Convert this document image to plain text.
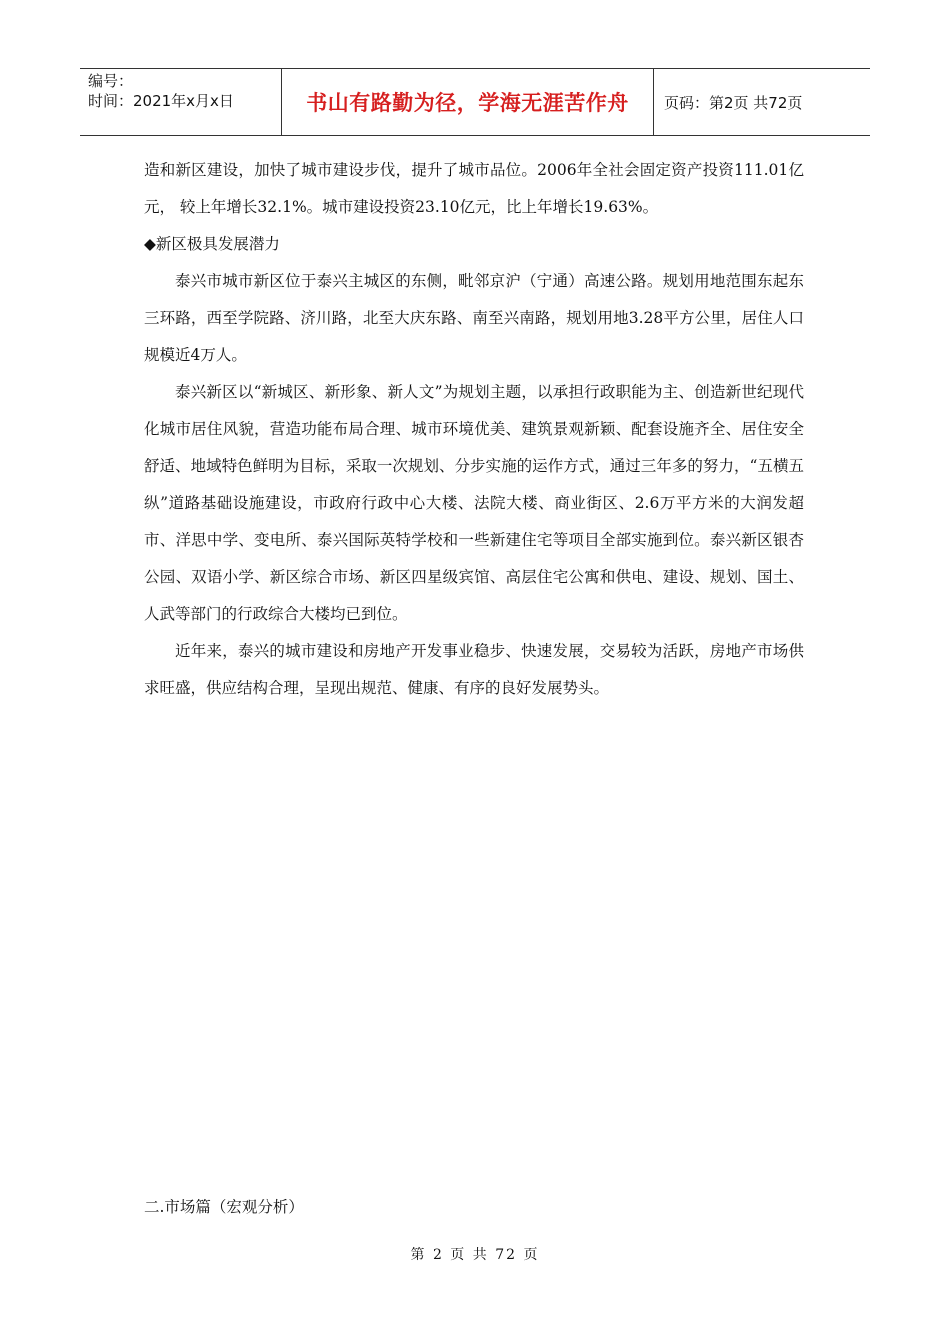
编号：
时间：2021年x月x日	书山有路勤为径，学海无涯苦作舟	页码：第2页 共72页

造和新区建设，加快了城市建设步伐，提升了城市品位。2006年全社会固定资产投资111.01亿元， 较上年增长32.1%。城市建设投资23.10亿元，比上年增长19.63%。

◆新区极具发展潜力

泰兴市城市新区位于泰兴主城区的东侧，毗邻京沪（宁通）高速公路。规划用地范围东起东三环路，西至学院路、济川路，北至大庆东路、南至兴南路，规划用地3.28平方公里，居住人口规模近4万人。

泰兴新区以“新城区、新形象、新人文”为规划主题，以承担行政职能为主、创造新世纪现代化城市居住风貌，营造功能布局合理、城市环境优美、建筑景观新颖、配套设施齐全、居住安全舒适、地域特色鲜明为目标，采取一次规划、分步实施的运作方式，通过三年多的努力，“五横五纵”道路基础设施建设，市政府行政中心大楼、法院大楼、商业街区、2.6万平方米的大润发超市、洋思中学、变电所、泰兴国际英特学校和一些新建住宅等项目全部实施到位。泰兴新区银杏公园、双语小学、新区综合市场、新区四星级宾馆、高层住宅公寓和供电、建设、规划、国土、人武等部门的行政综合大楼均已到位。

近年来，泰兴的城市建设和房地产开发事业稳步、快速发展，交易较为活跃，房地产市场供求旺盛，供应结构合理，呈现出规范、健康、有序的良好发展势头。

二.市场篇（宏观分析）
第 2 页 共 72 页
